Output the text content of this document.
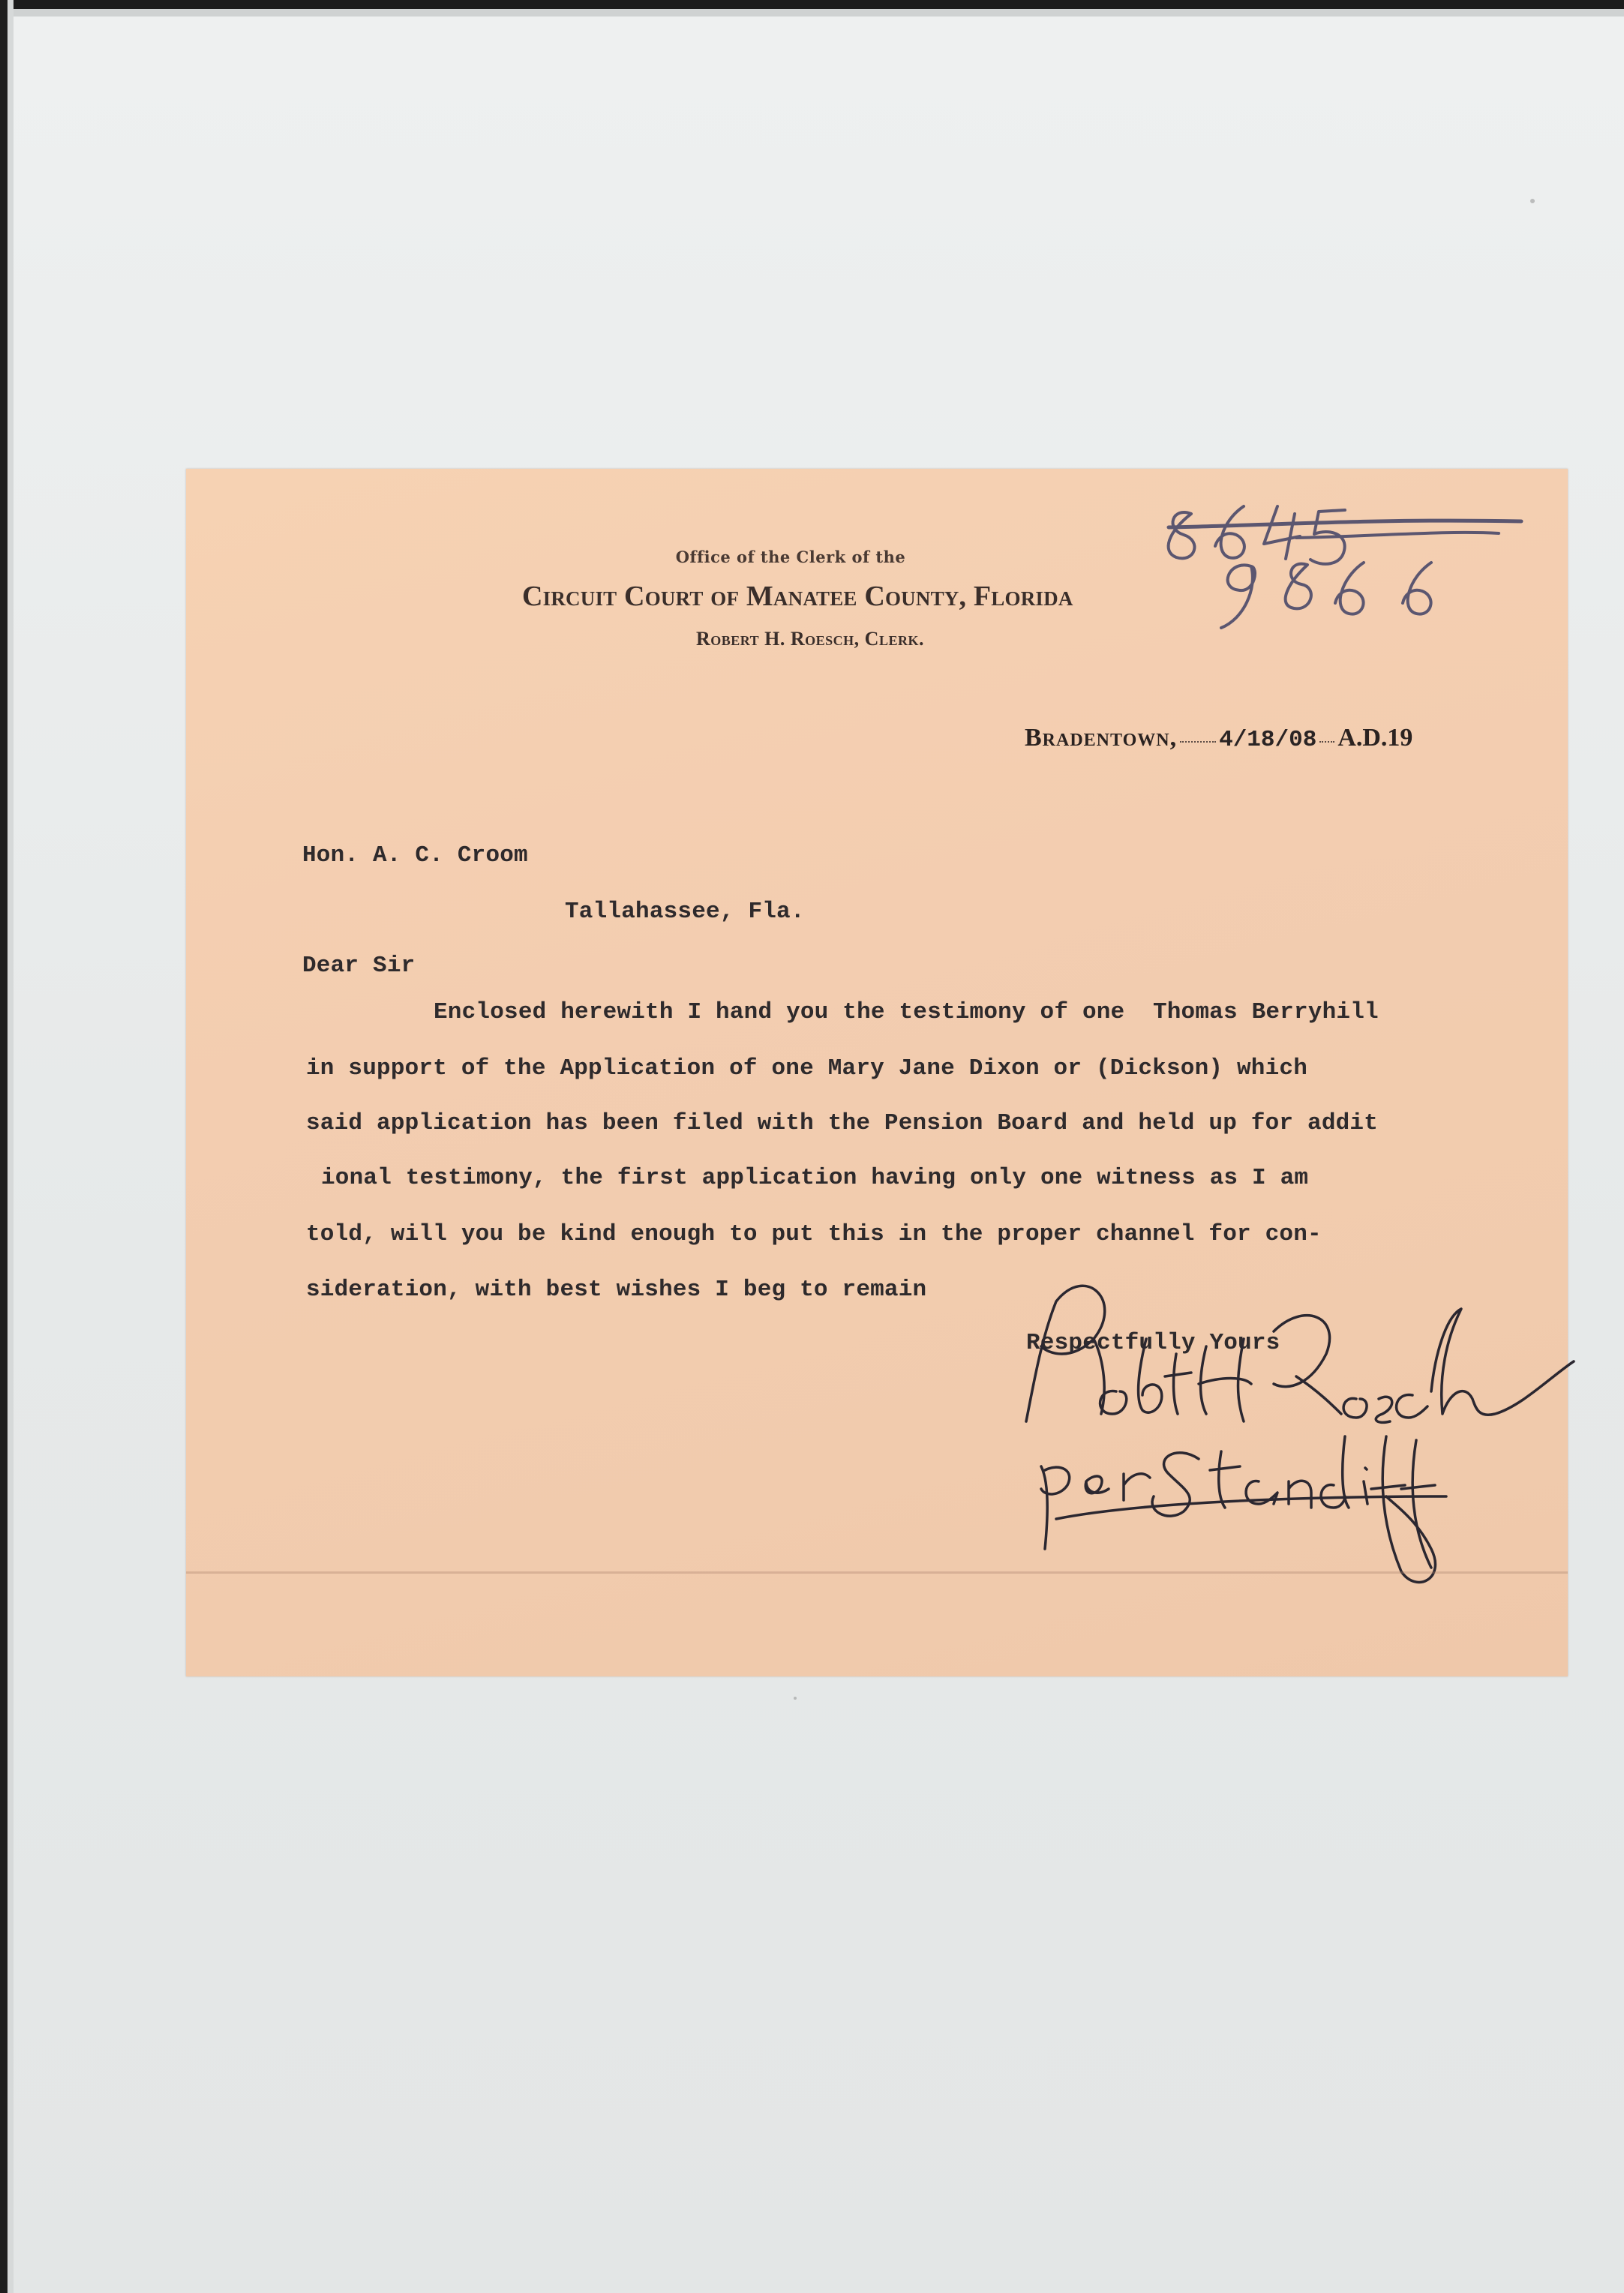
Office of the Clerk of the
Circuit Court of Manatee County, Florida
Robert H. Roesch, Clerk.
Bradentown, 4/18/08 A.D.19
Hon. A. C. Croom
Tallahassee, Fla.
Dear Sir
Enclosed herewith I hand you the testimony of one  Thomas Berryhill
in support of the Application of one Mary Jane Dixon or (Dickson) which
said application has been filed with the Pension Board and held up for addit
ional testimony, the first application having only one witness as I am
told, will you be kind enough to put this in the proper channel for con-
sideration, with best wishes I beg to remain
Respectfully Yours
